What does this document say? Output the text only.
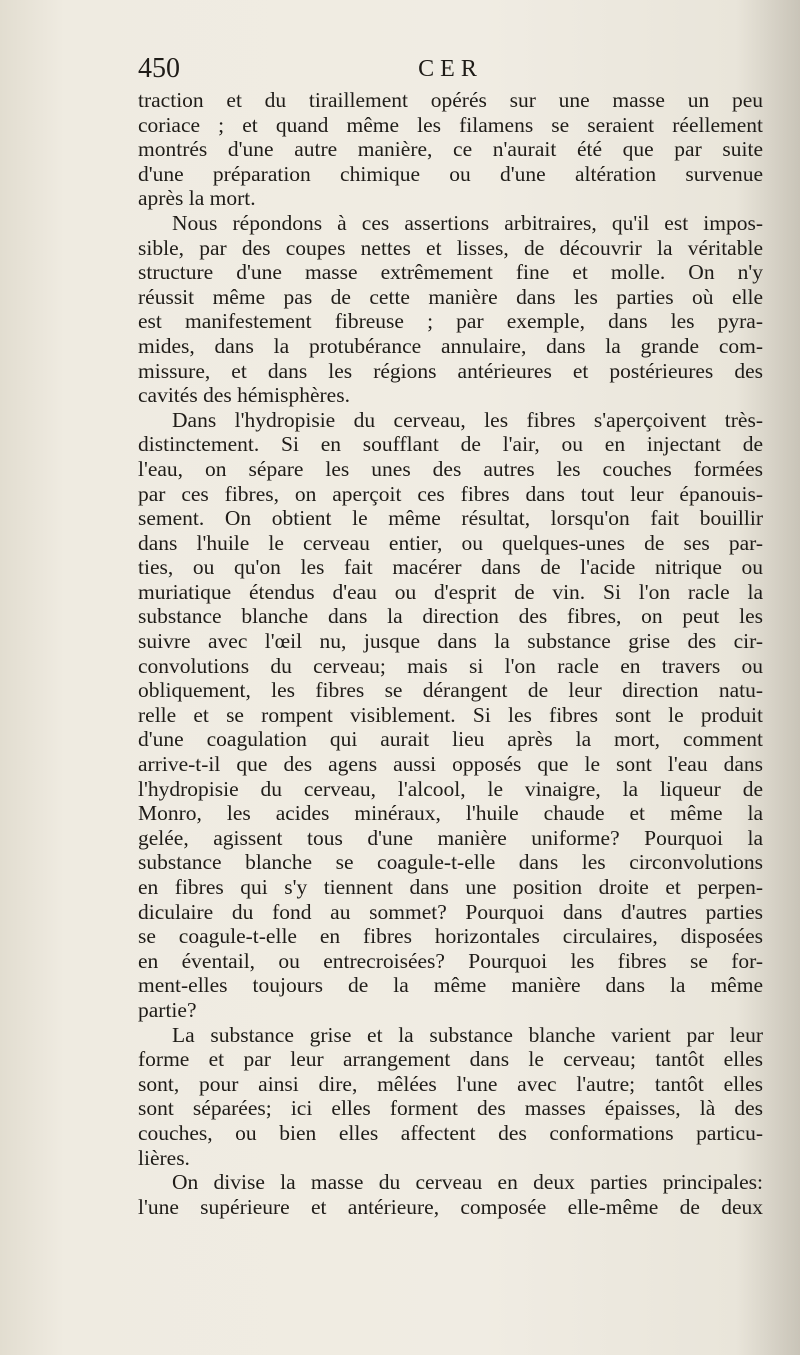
450	CER
traction et du tiraillement opérés sur une masse un peu
coriace ; et quand même les filamens se seraient réellement
montrés d'une autre manière, ce n'aurait été que par suite
d'une préparation chimique ou d'une altération survenue
après la mort.
Nous répondons à ces assertions arbitraires, qu'il est impos-
sible, par des coupes nettes et lisses, de découvrir la véritable
structure d'une masse extrêmement fine et molle. On n'y
réussit même pas de cette manière dans les parties où elle
est manifestement fibreuse ; par exemple, dans les pyra-
mides, dans la protubérance annulaire, dans la grande com-
missure, et dans les régions antérieures et postérieures des
cavités des hémisphères.
Dans l'hydropisie du cerveau, les fibres s'aperçoivent très-
distinctement. Si en soufflant de l'air, ou en injectant de
l'eau, on sépare les unes des autres les couches formées
par ces fibres, on aperçoit ces fibres dans tout leur épanouis-
sement. On obtient le même résultat, lorsqu'on fait bouillir
dans l'huile le cerveau entier, ou quelques-unes de ses par-
ties, ou qu'on les fait macérer dans de l'acide nitrique ou
muriatique étendus d'eau ou d'esprit de vin. Si l'on racle la
substance blanche dans la direction des fibres, on peut les
suivre avec l'œil nu, jusque dans la substance grise des cir-
convolutions du cerveau; mais si l'on racle en travers ou
obliquement, les fibres se dérangent de leur direction natu-
relle et se rompent visiblement. Si les fibres sont le produit
d'une coagulation qui aurait lieu après la mort, comment
arrive-t-il que des agens aussi opposés que le sont l'eau dans
l'hydropisie du cerveau, l'alcool, le vinaigre, la liqueur de
Monro, les acides minéraux, l'huile chaude et même la
gelée, agissent tous d'une manière uniforme? Pourquoi la
substance blanche se coagule-t-elle dans les circonvolutions
en fibres qui s'y tiennent dans une position droite et perpen-
diculaire du fond au sommet? Pourquoi dans d'autres parties
se coagule-t-elle en fibres horizontales circulaires, disposées
en éventail, ou entrecroisées? Pourquoi les fibres se for-
ment-elles toujours de la même manière dans la même
partie?
La substance grise et la substance blanche varient par leur
forme et par leur arrangement dans le cerveau; tantôt elles
sont, pour ainsi dire, mêlées l'une avec l'autre; tantôt elles
sont séparées; ici elles forment des masses épaisses, là des
couches, ou bien elles affectent des conformations particu-
lières.
On divise la masse du cerveau en deux parties principales:
l'une supérieure et antérieure, composée elle-même de deux
